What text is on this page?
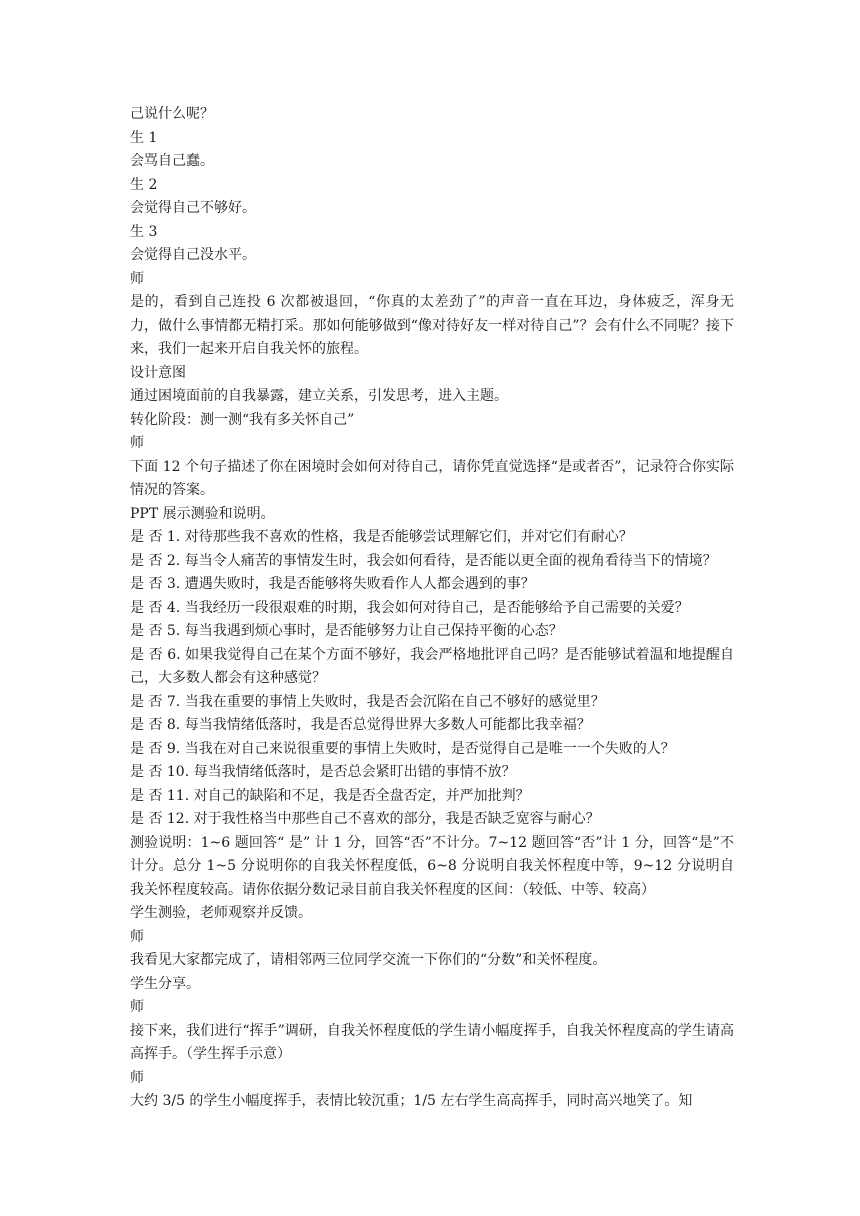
己说什么呢？

生 1

会骂自己蠢。

生 2

会觉得自己不够好。

生 3

会觉得自己没水平。

师

是的，看到自己连投 6 次都被退回，“你真的太差劲了”的声音一直在耳边，身体疲乏，浑身无力，做什么事情都无精打采。那如何能够做到“像对待好友一样对待自己”？会有什么不同呢？接下来，我们一起来开启自我关怀的旅程。

设计意图

通过困境面前的自我暴露，建立关系，引发思考，进入主题。

转化阶段：测一测“我有多关怀自己”

师

下面 12 个句子描述了你在困境时会如何对待自己，请你凭直觉选择“是或者否”，记录符合你实际情况的答案。

PPT 展示测验和说明。

是 否 1. 对待那些我不喜欢的性格，我是否能够尝试理解它们，并对它们有耐心？

是 否 2. 每当令人痛苦的事情发生时，我会如何看待，是否能以更全面的视角看待当下的情境？

是 否 3. 遭遇失败时，我是否能够将失败看作人人都会遇到的事？

是 否 4. 当我经历一段很艰难的时期，我会如何对待自己，是否能够给予自己需要的关爱？

是 否 5. 每当我遇到烦心事时，是否能够努力让自己保持平衡的心态？

是 否 6. 如果我觉得自己在某个方面不够好，我会严格地批评自己吗？是否能够试着温和地提醒自己，大多数人都会有这种感觉？

是 否 7. 当我在重要的事情上失败时，我是否会沉陷在自己不够好的感觉里？

是 否 8. 每当我情绪低落时，我是否总觉得世界大多数人可能都比我幸福？

是 否 9. 当我在对自己来说很重要的事情上失败时，是否觉得自己是唯一一个失败的人？

是 否 10. 每当我情绪低落时，是否总会紧盯出错的事情不放？

是 否 11. 对自己的缺陷和不足，我是否全盘否定，并严加批判？

是 否 12. 对于我性格当中那些自己不喜欢的部分，我是否缺乏宽容与耐心？

测验说明：1~6 题回答“ 是” 计 1 分，回答“否”不计分。7~12 题回答“否”计 1 分，回答“是”不计分。总分 1~5 分说明你的自我关怀程度低，6~8 分说明自我关怀程度中等，9~12 分说明自我关怀程度较高。请你依据分数记录目前自我关怀程度的区间：（较低、中等、较高）

学生测验，老师观察并反馈。

师

我看见大家都完成了，请相邻两三位同学交流一下你们的“分数”和关怀程度。

学生分享。

师

接下来，我们进行“挥手”调研，自我关怀程度低的学生请小幅度挥手，自我关怀程度高的学生请高高挥手。（学生挥手示意）

师

大约 3/5 的学生小幅度挥手，表情比较沉重；1/5 左右学生高高挥手，同时高兴地笑了。知
